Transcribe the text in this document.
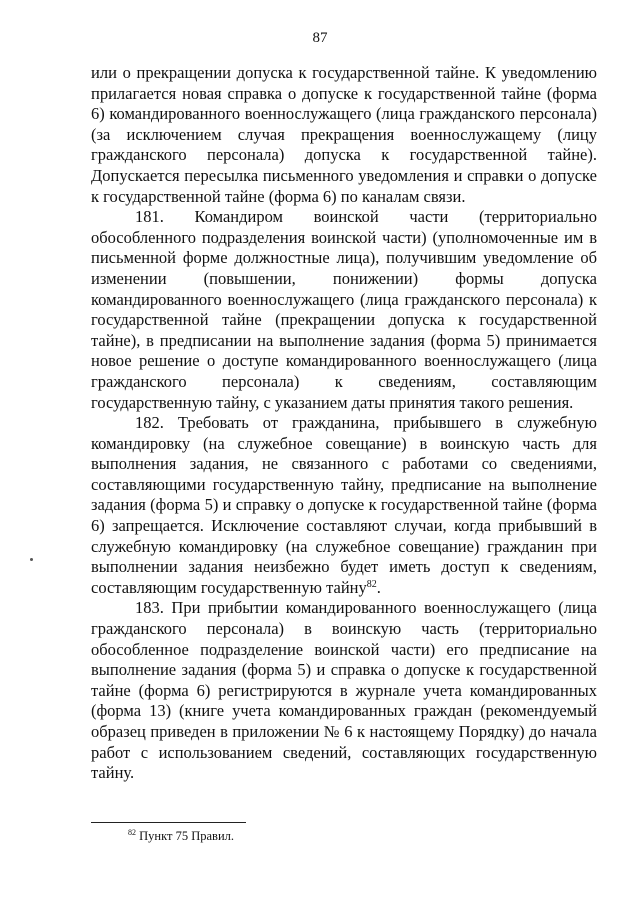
87

или о прекращении допуска к государственной тайне. К уведомлению прилагается новая справка о допуске к государственной тайне (форма 6) командированного военнослужащего (лица гражданского персонала) (за исключением случая прекращения военнослужащему (лицу гражданского персонала) допуска к государственной тайне). Допускается пересылка письменного уведомления и справки о допуске к государственной тайне (форма 6) по каналам связи.

181. Командиром воинской части (территориально обособленного подразделения воинской части) (уполномоченные им в письменной форме должностные лица), получившим уведомление об изменении (повышении, понижении) формы допуска командированного военнослужащего (лица гражданского персонала) к государственной тайне (прекращении допуска к государственной тайне), в предписании на выполнение задания (форма 5) принимается новое решение о доступе командированного военнослужащего (лица гражданского персонала) к сведениям, составляющим государственную тайну, с указанием даты принятия такого решения.

182. Требовать от гражданина, прибывшего в служебную командировку (на служебное совещание) в воинскую часть для выполнения задания, не связанного с работами со сведениями, составляющими государственную тайну, предписание на выполнение задания (форма 5) и справку о допуске к государственной тайне (форма 6) запрещается. Исключение составляют случаи, когда прибывший в служебную командировку (на служебное совещание) гражданин при выполнении задания неизбежно будет иметь доступ к сведениям, составляющим государственную тайну$^{82}$.

183. При прибытии командированного военнослужащего (лица гражданского персонала) в воинскую часть (территориально обособленное подразделение воинской части) его предписание на выполнение задания (форма 5) и справка о допуске к государственной тайне (форма 6) регистрируются в журнале учета командированных (форма 13) (книге учета командированных граждан (рекомендуемый образец приведен в приложении № 6 к настоящему Порядку) до начала работ с использованием сведений, составляющих государственную тайну.

$^{82}$ Пункт 75 Правил.
